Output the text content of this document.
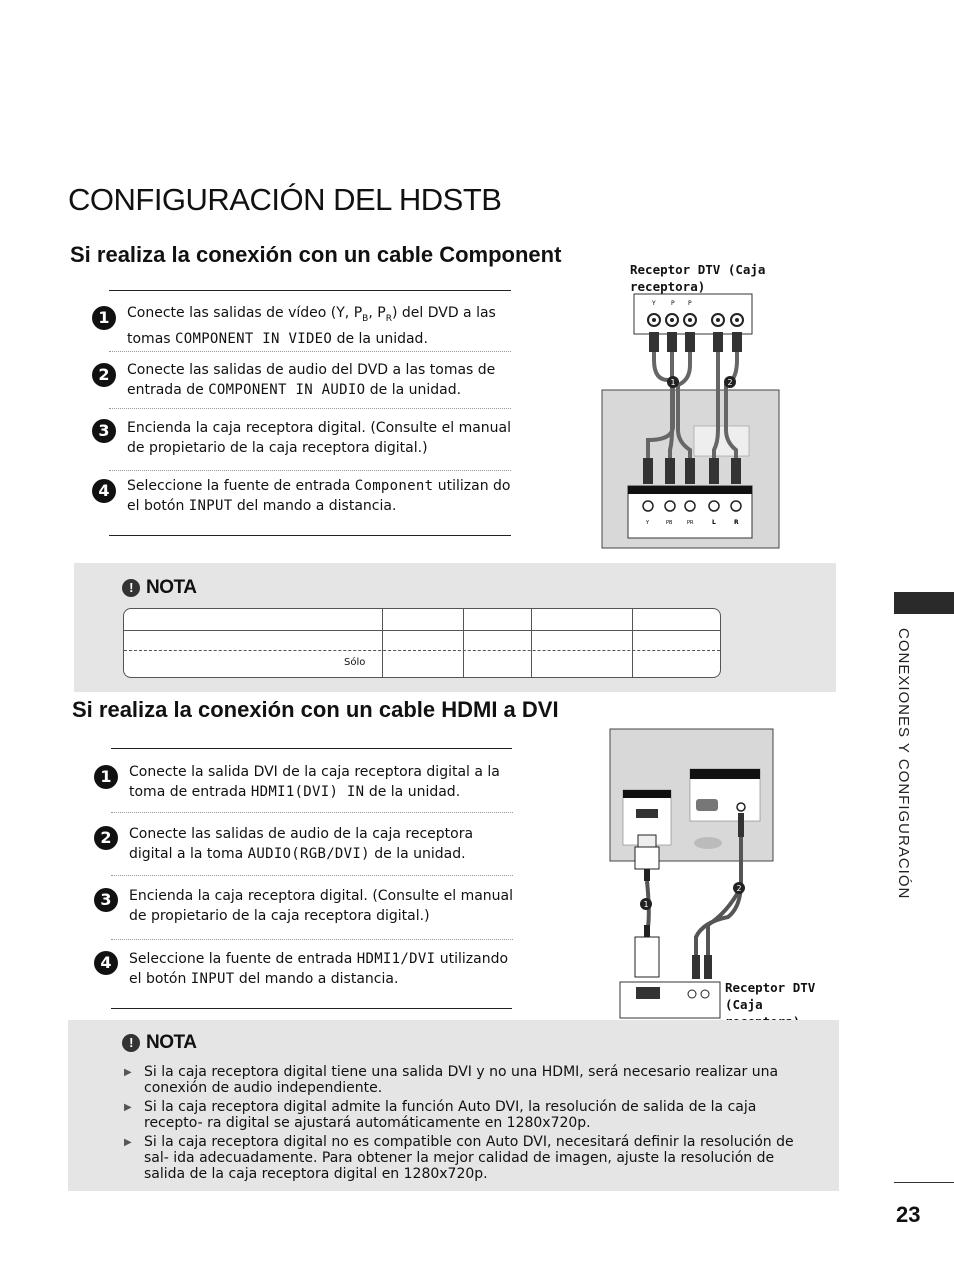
CONFIGURACIÓN DEL HDSTB
Si realiza la conexión con un cable Component
1	Conecte las salidas de vídeo (Y, $P_B$, $P_R$) del DVD a las tomas COMPONENT IN VIDEO de la unidad.
2	Conecte las salidas de audio del DVD a las tomas de entrada de COMPONENT IN AUDIO de la unidad.
3	Encienda la caja receptora digital. (Consulte el manual de propietario de la caja receptora digital.)
4	Seleccione la fuente de entrada Component utilizan do el botón INPUT del mando a distancia.
Receptor DTV (Caja receptora)
Y	P P
Y	PB	PR	L	R
1	2
! NOTA
Sólo
Si realiza la conexión con un cable HDMI a DVI
1	Conecte la salida DVI de la caja receptora digital a la toma de entrada HDMI1(DVI) IN de la unidad.
2	Conecte las salidas de audio de la caja receptora digital a la toma AUDIO(RGB/DVI) de la unidad.
3	Encienda la caja receptora digital. (Consulte el manual de propietario de la caja receptora digital.)
4	Seleccione la fuente de entrada HDMI1/DVI utilizando el botón INPUT del mando a distancia.
1
2
Receptor DTV (Caja
! NOTA
▶ Si la caja receptora digital tiene una salida DVI y no una HDMI, será necesario realizar una conexión de audio independiente.
▶ Si la caja receptora digital admite la función Auto DVI, la resolución de salida de la caja recepto- ra digital se ajustará automáticamente en 1280x720p.
▶ Si la caja receptora digital no es compatible con Auto DVI, necesitará definir la resolución de sal- ida adecuadamente. Para obtener la mejor calidad de imagen, ajuste la resolución de salida de la caja receptora digital en 1280x720p.
CONEXIONES Y CONFIGURACIÓN
23
